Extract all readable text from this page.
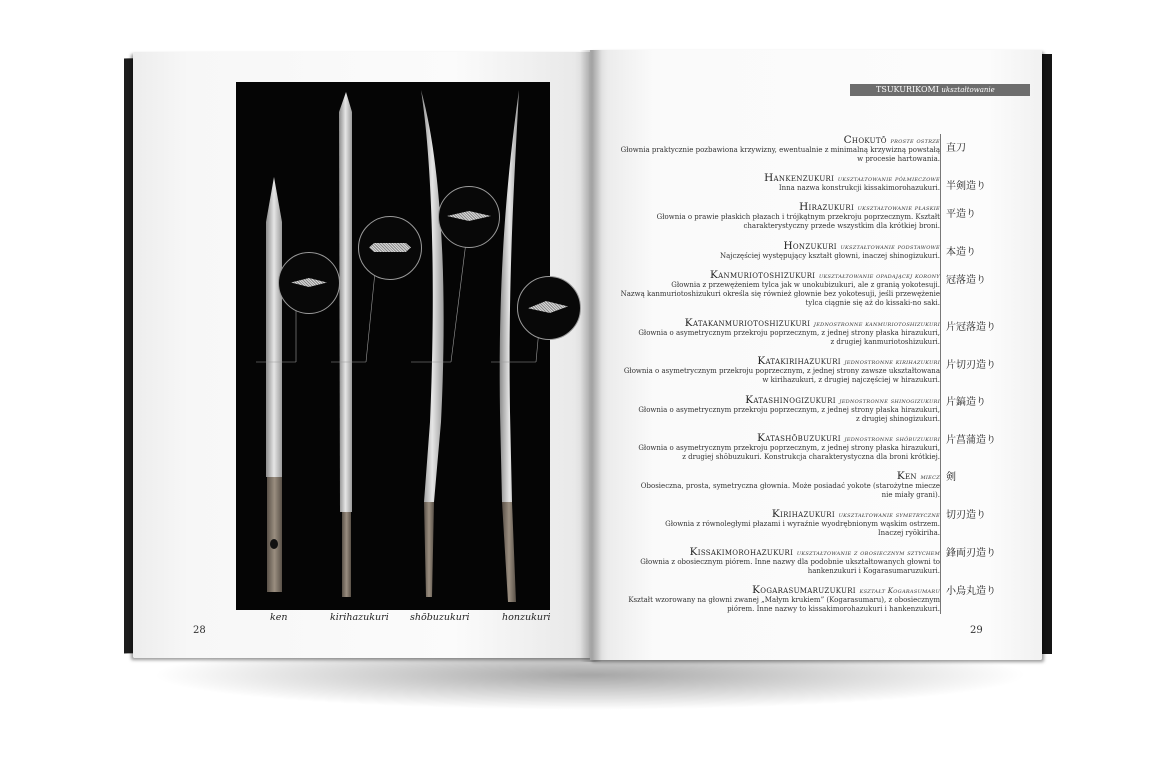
ken	kirihazukuri shōbuzukuri	honzukuri
28
TSUKURIKOMI ukształtowanie
Chokutō proste ostrze
Głownia praktycznie pozbawiona krzywizny, ewentualnie z minimalną krzywizną powstałą
w procesie hartowania.
Hankenzukuri ukształtowanie półmieczowe
Inna nazwa konstrukcji kissakimorohazukuri.
Hirazukuri ukształtowanie płaskie
Głownia o prawie płaskich płazach i trójkątnym przekroju poprzecznym. Kształt
charakterystyczny przede wszystkim dla krótkiej broni.
Honzukuri ukształtowanie podstawowe
Najczęściej występujący kształt głowni, inaczej shinogizukuri.
Kanmuriotoshizukuri ukształtowanie opadającej korony
Głownia z przewężeniem tylca jak w unokubizukuri, ale z granią yokotesuji.
Nazwą kanmuriotoshizukuri określa się również głownie bez yokotesuji, jeśli przewężenie
tylca ciągnie się aż do kissaki-no saki.
Katakanmuriotoshizukuri jednostronne kanmuriotoshizukuri
Głownia o asymetrycznym przekroju poprzecznym, z jednej strony płaska hirazukuri,
z drugiej kanmuriotoshizukuri.
Katakirihazukuri jednostronne kirihazukuri
Głownia o asymetrycznym przekroju poprzecznym, z jednej strony zawsze ukształtowana
w kirihazukuri, z drugiej najczęściej w hirazukuri.
Katashinogizukuri jednostronne shinogizukuri
Głownia o asymetrycznym przekroju poprzecznym, z jednej strony płaska hirazukuri,
z drugiej shinogizukuri.
Katashōbuzukuri jednostronne shōbuzukuri
Głownia o asymetrycznym przekroju poprzecznym, z jednej strony płaska hirazukuri,
z drugiej shōbuzukuri. Konstrukcja charakterystyczna dla broni krótkiej.
Ken miecz
Obosieczna, prosta, symetryczna głownia. Może posiadać yokote (starożytne miecze
nie miały grani).
Kirihazukuri ukształtowanie symetryczne
Głownia z równoległymi płazami i wyraźnie wyodrębnionym wąskim ostrzem.
Inaczej ryōkiriha.
Kissakimorohazukuri ukształtowanie z obosiecznym sztychem
Głownia z obosiecznym piórem. Inne nazwy dla podobnie ukształtowanych głowni to
hankenzukuri i Kogarasumaruzukuri.
Kogarasumaruzukuri kształt Kogarasumaru
Kształt wzorowany na głowni zwanej „Małym krukiem” (Kogarasumaru), z obosiecznym
piórem. Inne nazwy to kissakimorohazukuri i hankenzukuri.
直刀
半剣造り
平造り
本造り
冠落造り
片冠落造り
片切刃造り
片鎬造り
片菖蒲造り
剣
切刃造り
鋒両刃造り
小烏丸造り
29
